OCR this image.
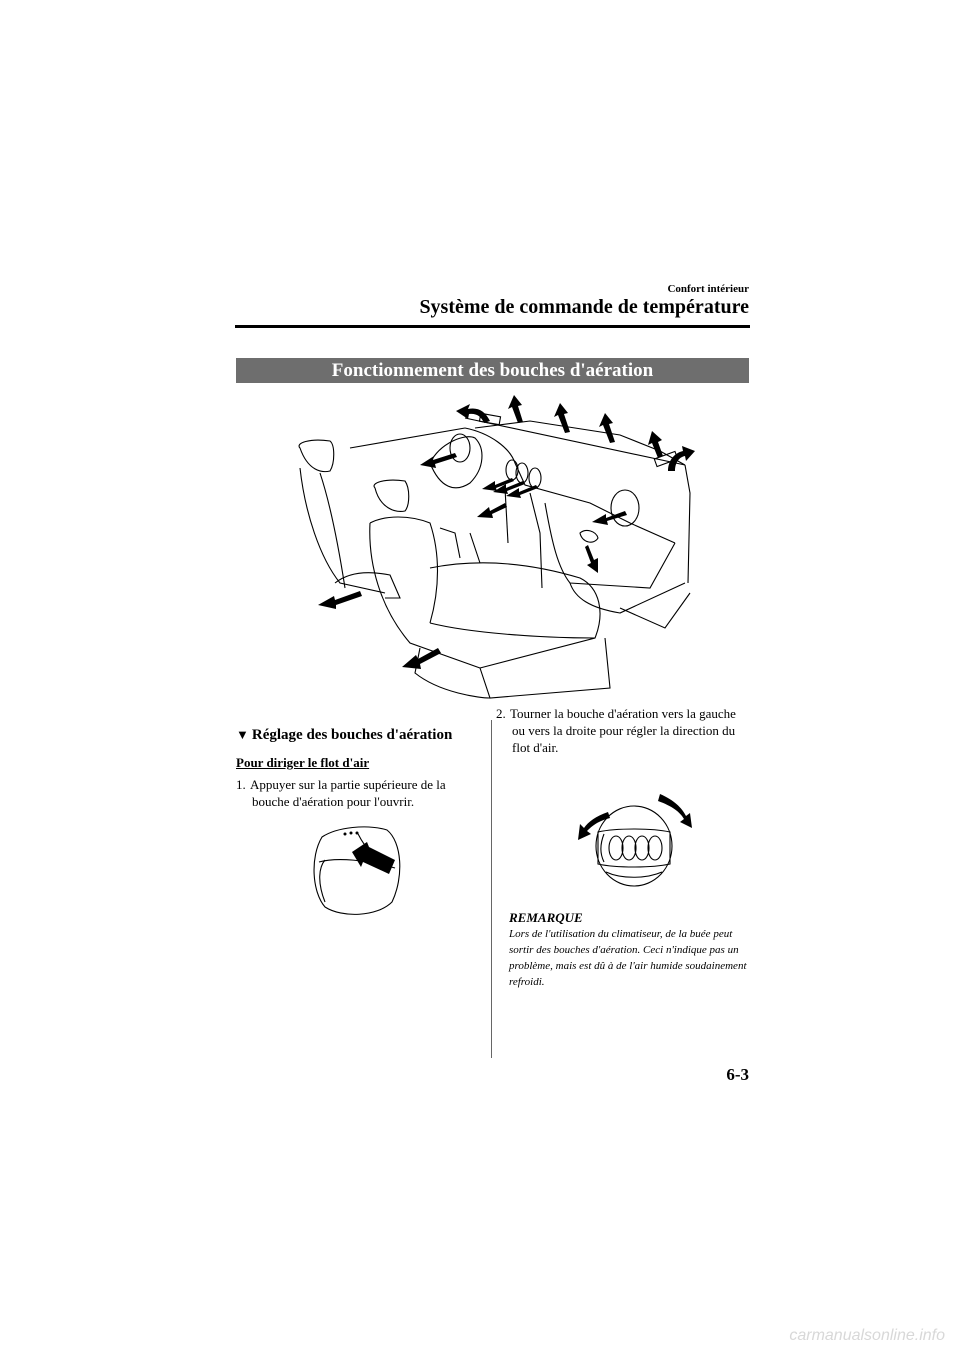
Confort intérieur
Système de commande de température
Fonctionnement des bouches d'aération
▼ Réglage des bouches d'aération
Pour diriger le flot d'air
1. Appuyer sur la partie supérieure de la bouche d'aération pour l'ouvrir.
2. Tourner la bouche d'aération vers la gauche ou vers la droite pour régler la direction du flot d'air.
REMARQUE
Lors de l'utilisation du climatiseur, de la buée peut sortir des bouches d'aération. Ceci n'indique pas un problème, mais est dû à de l'air humide soudainement refroidi.
6-3
carmanualsonline.info
